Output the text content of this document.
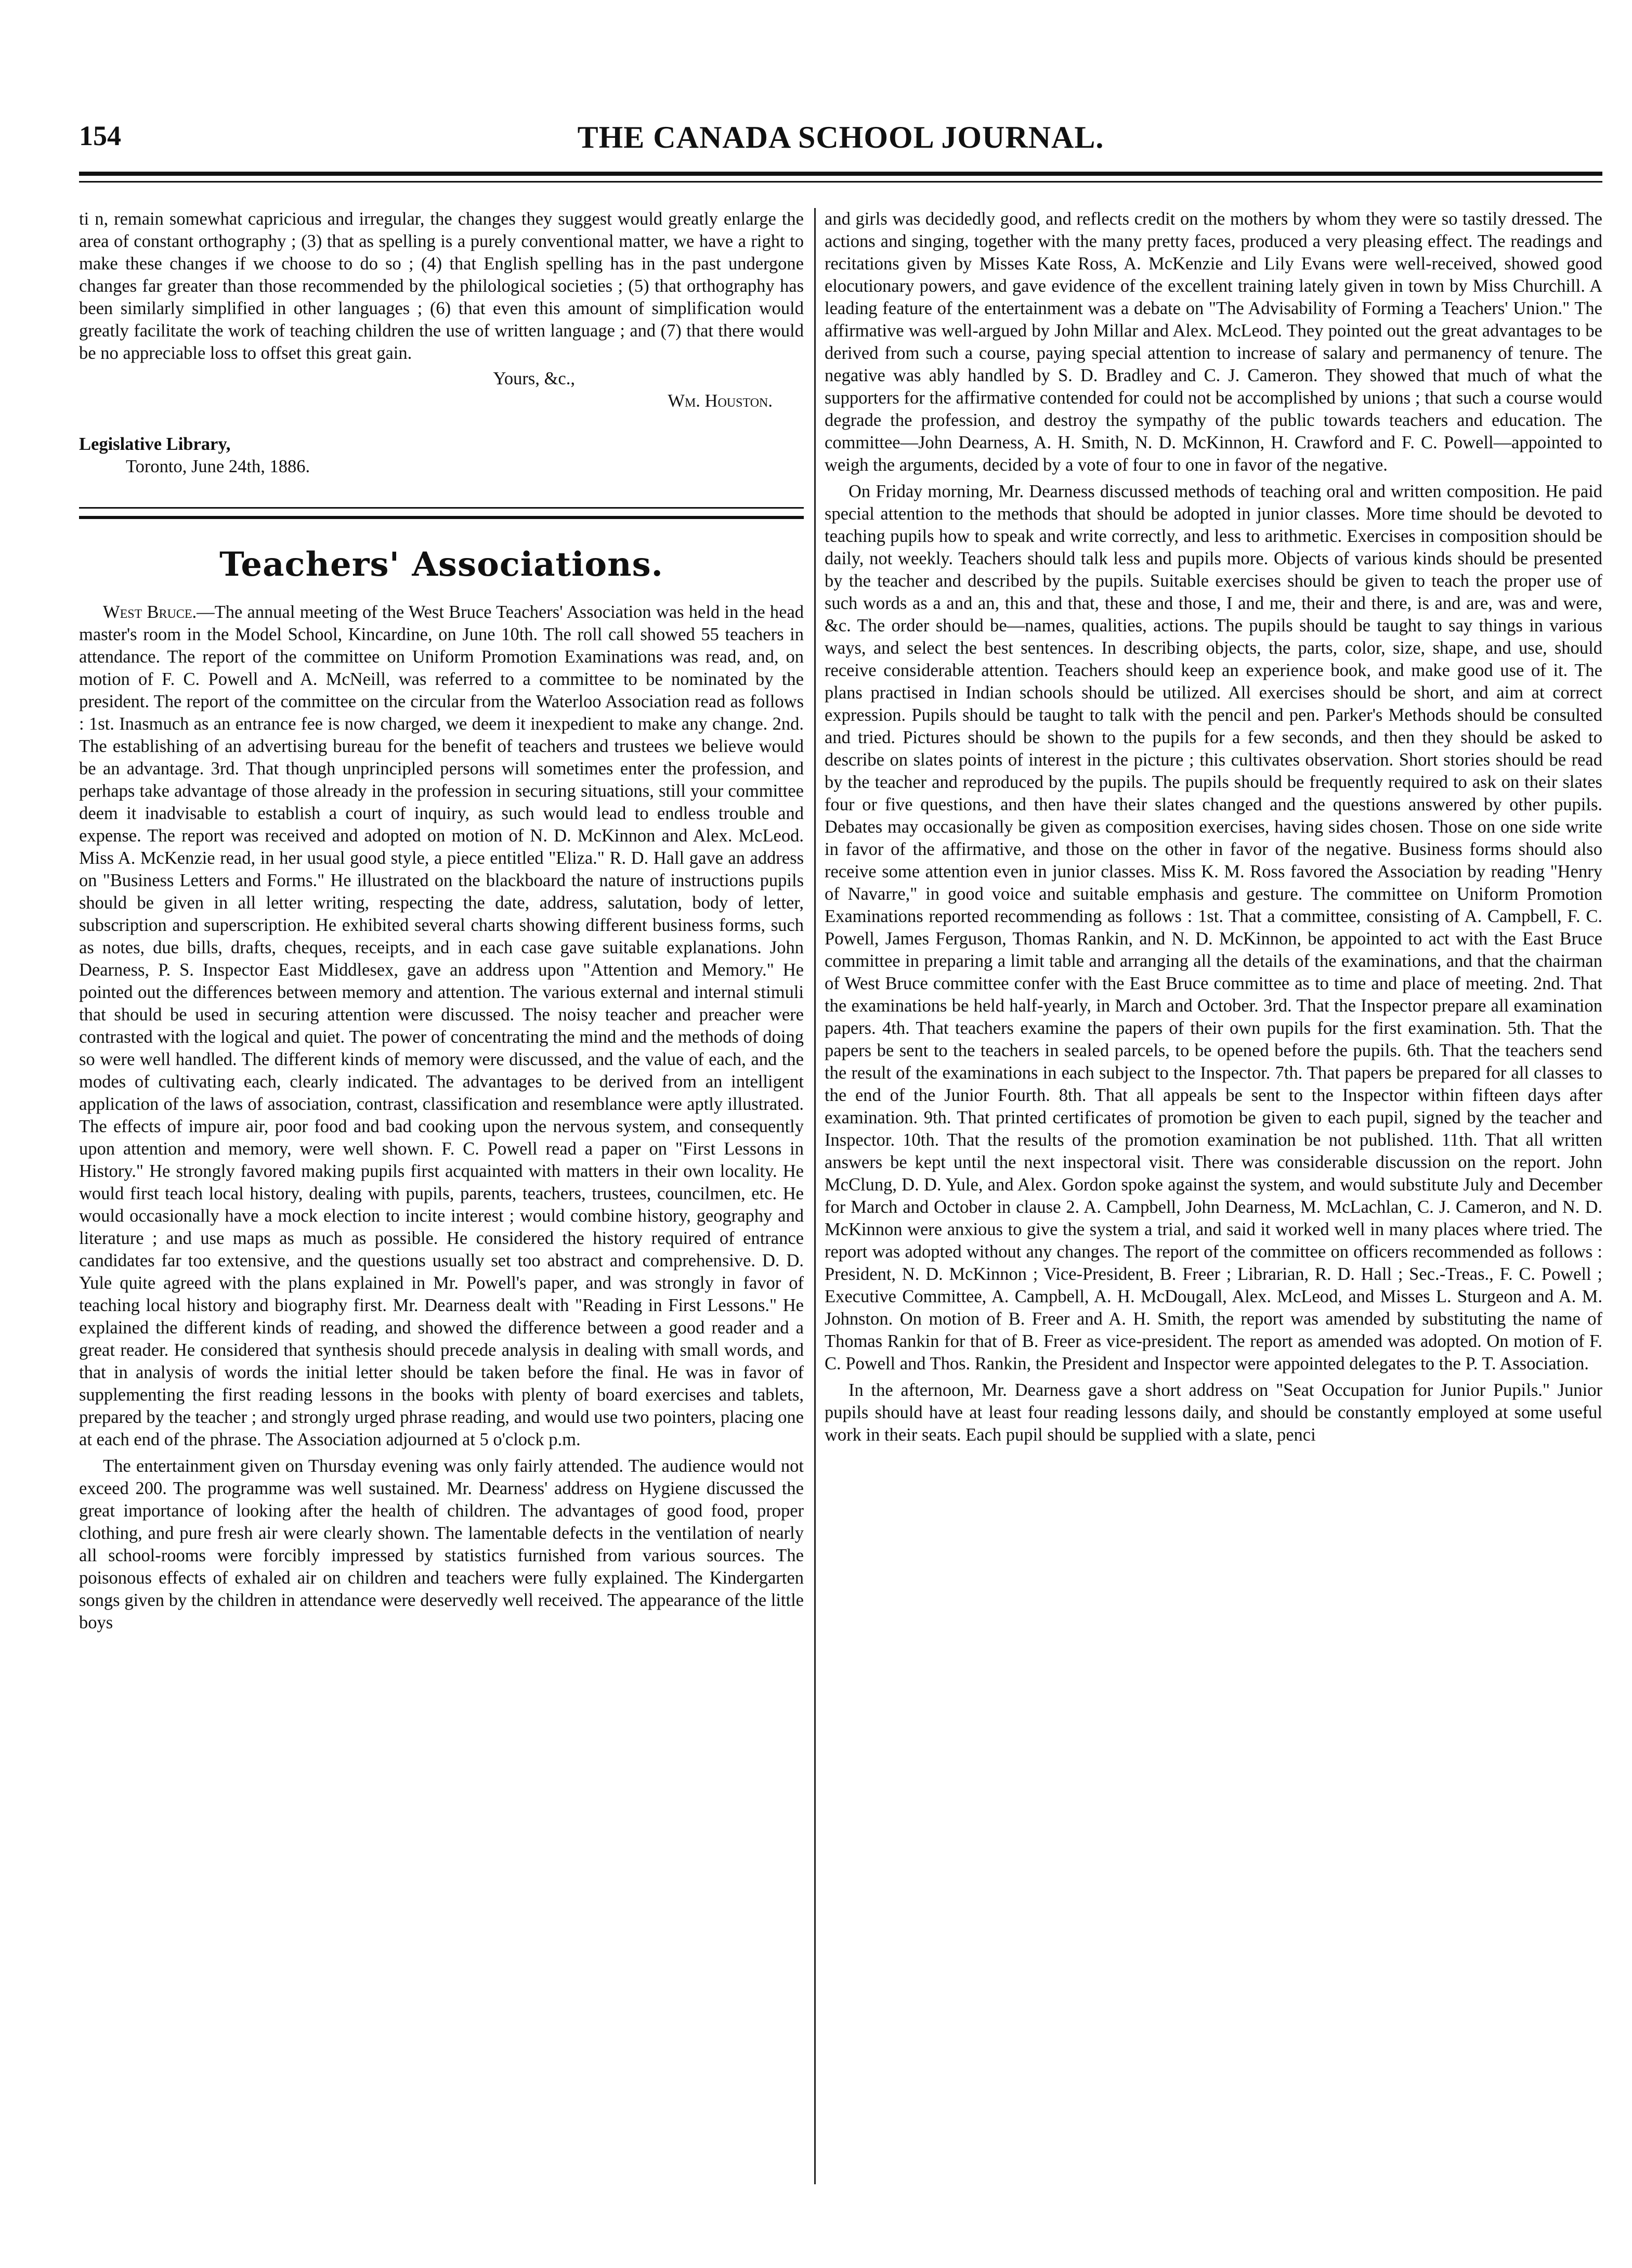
154	THE CANADA SCHOOL JOURNAL.

ti n, remain somewhat capricious and irregular, the changes they suggest would greatly enlarge the area of constant orthography ; (3) that as spelling is a purely conventional matter, we have a right to make these changes if we choose to do so ; (4) that English spelling has in the past undergone changes far greater than those recommended by the philological societies ; (5) that orthography has been similarly simplified in other languages ; (6) that even this amount of simplification would greatly facilitate the work of teaching children the use of written language ; and (7) that there would be no appreciable loss to offset this great gain.

Yours, &c.,
Wm. Houston.
Legislative Library,
Toronto, June 24th, 1886.
Teachers' Associations.

West Bruce.—The annual meeting of the West Bruce Teachers' Association was held in the head master's room in the Model School, Kincardine, on June 10th. The roll call showed 55 teachers in attendance. The report of the committee on Uniform Promotion Examinations was read, and, on motion of F. C. Powell and A. McNeill, was referred to a committee to be nominated by the president. The report of the committee on the circular from the Waterloo Association read as follows : 1st. Inasmuch as an entrance fee is now charged, we deem it inexpedient to make any change. 2nd. The establishing of an advertising bureau for the benefit of teachers and trustees we believe would be an advantage. 3rd. That though unprincipled persons will sometimes enter the profession, and perhaps take advantage of those already in the profession in securing situations, still your committee deem it inadvisable to establish a court of inquiry, as such would lead to endless trouble and expense. The report was received and adopted on motion of N. D. McKinnon and Alex. McLeod. Miss A. McKenzie read, in her usual good style, a piece entitled "Eliza." R. D. Hall gave an address on "Business Letters and Forms." He illustrated on the blackboard the nature of instructions pupils should be given in all letter writing, respecting the date, address, salutation, body of letter, subscription and superscription. He exhibited several charts showing different business forms, such as notes, due bills, drafts, cheques, receipts, and in each case gave suitable explanations. John Dearness, P. S. Inspector East Middlesex, gave an address upon "Attention and Memory." He pointed out the differences between memory and attention. The various external and internal stimuli that should be used in securing attention were discussed. The noisy teacher and preacher were contrasted with the logical and quiet. The power of concentrating the mind and the methods of doing so were well handled. The different kinds of memory were discussed, and the value of each, and the modes of cultivating each, clearly indicated. The advantages to be derived from an intelligent application of the laws of association, contrast, classification and resemblance were aptly illustrated. The effects of impure air, poor food and bad cooking upon the nervous system, and consequently upon attention and memory, were well shown. F. C. Powell read a paper on "First Lessons in History." He strongly favored making pupils first acquainted with matters in their own locality. He would first teach local history, dealing with pupils, parents, teachers, trustees, councilmen, etc. He would occasionally have a mock election to incite interest ; would combine history, geography and literature ; and use maps as much as possible. He considered the history required of entrance candidates far too extensive, and the questions usually set too abstract and comprehensive. D. D. Yule quite agreed with the plans explained in Mr. Powell's paper, and was strongly in favor of teaching local history and biography first. Mr. Dearness dealt with "Reading in First Lessons." He explained the different kinds of reading, and showed the difference between a good reader and a great reader. He considered that synthesis should precede analysis in dealing with small words, and that in analysis of words the initial letter should be taken before the final. He was in favor of supplementing the first reading lessons in the books with plenty of board exercises and tablets, prepared by the teacher ; and strongly urged phrase reading, and would use two pointers, placing one at each end of the phrase. The Association adjourned at 5 o'clock p.m.

The entertainment given on Thursday evening was only fairly attended. The audience would not exceed 200. The programme was well sustained. Mr. Dearness' address on Hygiene discussed the great importance of looking after the health of children. The advantages of good food, proper clothing, and pure fresh air were clearly shown. The lamentable defects in the ventilation of nearly all school-rooms were forcibly impressed by statistics furnished from various sources. The poisonous effects of exhaled air on children and teachers were fully explained. The Kindergarten songs given by the children in attendance were deservedly well received. The appearance of the little boys

and girls was decidedly good, and reflects credit on the mothers by whom they were so tastily dressed. The actions and singing, together with the many pretty faces, produced a very pleasing effect. The readings and recitations given by Misses Kate Ross, A. McKenzie and Lily Evans were well-received, showed good elocutionary powers, and gave evidence of the excellent training lately given in town by Miss Churchill. A leading feature of the entertainment was a debate on "The Advisability of Forming a Teachers' Union." The affirmative was well-argued by John Millar and Alex. McLeod. They pointed out the great advantages to be derived from such a course, paying special attention to increase of salary and permanency of tenure. The negative was ably handled by S. D. Bradley and C. J. Cameron. They showed that much of what the supporters for the affirmative contended for could not be accomplished by unions ; that such a course would degrade the profession, and destroy the sympathy of the public towards teachers and education. The committee—John Dearness, A. H. Smith, N. D. McKinnon, H. Crawford and F. C. Powell—appointed to weigh the arguments, decided by a vote of four to one in favor of the negative.

On Friday morning, Mr. Dearness discussed methods of teaching oral and written composition. He paid special attention to the methods that should be adopted in junior classes. More time should be devoted to teaching pupils how to speak and write correctly, and less to arithmetic. Exercises in composition should be daily, not weekly. Teachers should talk less and pupils more. Objects of various kinds should be presented by the teacher and described by the pupils. Suitable exercises should be given to teach the proper use of such words as a and an, this and that, these and those, I and me, their and there, is and are, was and were, &c. The order should be—names, qualities, actions. The pupils should be taught to say things in various ways, and select the best sentences. In describing objects, the parts, color, size, shape, and use, should receive considerable attention. Teachers should keep an experience book, and make good use of it. The plans practised in Indian schools should be utilized. All exercises should be short, and aim at correct expression. Pupils should be taught to talk with the pencil and pen. Parker's Methods should be consulted and tried. Pictures should be shown to the pupils for a few seconds, and then they should be asked to describe on slates points of interest in the picture ; this cultivates observation. Short stories should be read by the teacher and reproduced by the pupils. The pupils should be frequently required to ask on their slates four or five questions, and then have their slates changed and the questions answered by other pupils. Debates may occasionally be given as composition exercises, having sides chosen. Those on one side write in favor of the affirmative, and those on the other in favor of the negative. Business forms should also receive some attention even in junior classes. Miss K. M. Ross favored the Association by reading "Henry of Navarre," in good voice and suitable emphasis and gesture. The committee on Uniform Promotion Examinations reported recommending as follows : 1st. That a committee, consisting of A. Campbell, F. C. Powell, James Ferguson, Thomas Rankin, and N. D. McKinnon, be appointed to act with the East Bruce committee in preparing a limit table and arranging all the details of the examinations, and that the chairman of West Bruce committee confer with the East Bruce committee as to time and place of meeting. 2nd. That the examinations be held half-yearly, in March and October. 3rd. That the Inspector prepare all examination papers. 4th. That teachers examine the papers of their own pupils for the first examination. 5th. That the papers be sent to the teachers in sealed parcels, to be opened before the pupils. 6th. That the teachers send the result of the examinations in each subject to the Inspector. 7th. That papers be prepared for all classes to the end of the Junior Fourth. 8th. That all appeals be sent to the Inspector within fifteen days after examination. 9th. That printed certificates of promotion be given to each pupil, signed by the teacher and Inspector. 10th. That the results of the promotion examination be not published. 11th. That all written answers be kept until the next inspectoral visit. There was considerable discussion on the report. John McClung, D. D. Yule, and Alex. Gordon spoke against the system, and would substitute July and December for March and October in clause 2. A. Campbell, John Dearness, M. McLachlan, C. J. Cameron, and N. D. McKinnon were anxious to give the system a trial, and said it worked well in many places where tried. The report was adopted without any changes. The report of the committee on officers recommended as follows : President, N. D. McKinnon ; Vice-President, B. Freer ; Librarian, R. D. Hall ; Sec.-Treas., F. C. Powell ; Executive Committee, A. Campbell, A. H. McDougall, Alex. McLeod, and Misses L. Sturgeon and A. M. Johnston. On motion of B. Freer and A. H. Smith, the report was amended by substituting the name of Thomas Rankin for that of B. Freer as vice-president. The report as amended was adopted. On motion of F. C. Powell and Thos. Rankin, the President and Inspector were appointed delegates to the P. T. Association.

In the afternoon, Mr. Dearness gave a short address on "Seat Occupation for Junior Pupils." Junior pupils should have at least four reading lessons daily, and should be constantly employed at some useful work in their seats. Each pupil should be supplied with a slate, penci
